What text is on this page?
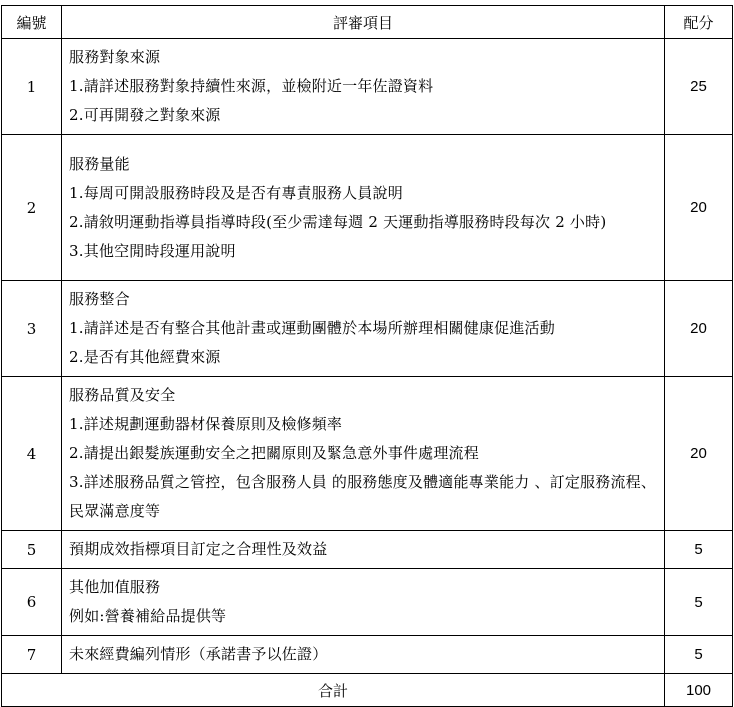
編號	評審項目	配分
1	服務對象來源
1.請詳述服務對象持續性來源，並檢附近一年佐證資料
2.可再開發之對象來源	25
2	服務量能
1.每周可開設服務時段及是否有專責服務人員說明
2.請敘明運動指導員指導時段(至少需達每週 2 天運動指導服務時段每次 2 小時)
3.其他空閒時段運用說明	20
3	服務整合
1.請詳述是否有整合其他計畫或運動團體於本場所辦理相關健康促進活動
2.是否有其他經費來源	20
4	服務品質及安全
1.詳述規劃運動器材保養原則及檢修頻率
2.請提出銀髮族運動安全之把關原則及緊急意外事件處理流程
3.詳述服務品質之管控，包含服務人員 的服務態度及體適能專業能力 、訂定服務流程、民眾滿意度等	20
5	預期成效指標項目訂定之合理性及效益	5
6	其他加值服務
例如:營養補給品提供等	5
7	未來經費編列情形（承諾書予以佐證）	5
合計		100
